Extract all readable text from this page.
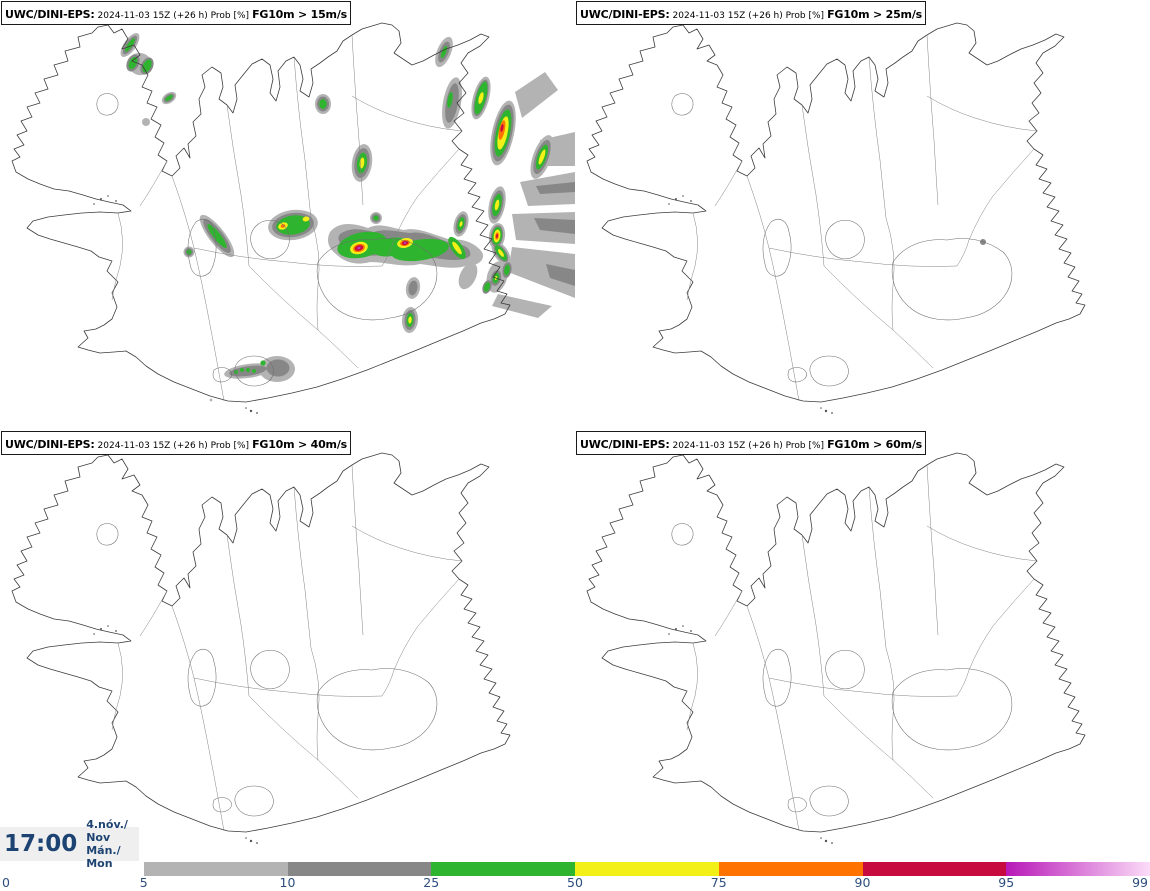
UWC/DINI-EPS: 2024-11-03 15Z (+26 h) Prob [%] FG10m > 15m/s	UWC/DINI-EPS: 2024-11-03 15Z (+26 h) Prob [%] FG10m > 25m/s
UWC/DINI-EPS: 2024-11-03 15Z (+26 h) Prob [%] FG10m > 40m/s	UWC/DINI-EPS: 2024-11-03 15Z (+26 h) Prob [%] FG10m > 60m/s
17:00
4.nóv./ Nov
Mán./ Mon
0	5	10	25	50	75	90	95	99
